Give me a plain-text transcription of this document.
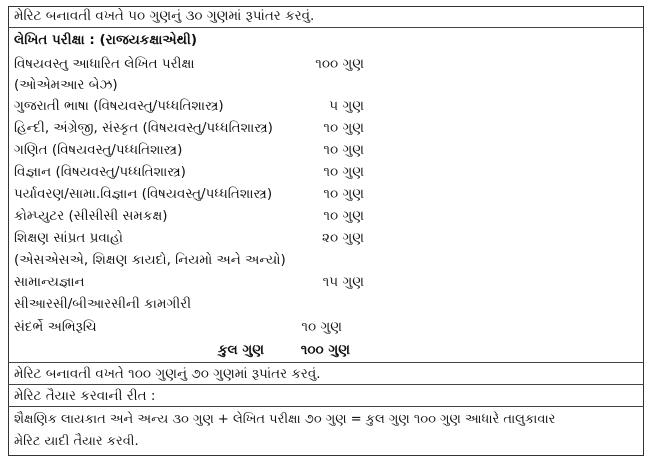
મેરિટ બનાવતી વખતે ૫૦ ગુણનું ૩૦ ગુણમાં રૂપાંતર કરવું.
લેખિત પરીક્ષા : (રાજયકક્ષાએથી)
વિષયવસ્તુ આધારિત લેખિત પરીક્ષા	૧૦૦ ગુણ
(ઓએમઆર બેઝ)
ગુજરાતી ભાષા (વિષયવસ્તુ/પધ્ધતિશાસ્ત્ર)	૫ ગુણ
હિન્દી, અંગ્રેજી, સંસ્કૃત (વિષયવસ્તુ/પધ્ધતિશાસ્ત્ર)	૧૦ ગુણ
ગણિત (વિષયવસ્તુ/પધ્ધતિશાસ્ત્ર)	૧૦ ગુણ
વિજ્ઞાન (વિષયવસ્તુ/પધ્ધતિશાસ્ત્ર)	૧૦ ગુણ
પર્યાવરણ/સામા.વિજ્ઞાન (વિષયવસ્તુ/પધ્ધતિશાસ્ત્ર)	૧૦ ગુણ
કોમ્પ્યુટર (સીસીસી સમકક્ષ)	૧૦ ગુણ
શિક્ષણ સાંપ્રત પ્રવાહો	૨૦ ગુણ
(એસએસએ, શિક્ષણ કાયદો, નિયમો અને અન્યો)
સામાન્યજ્ઞાન	૧૫ ગુણ
સીઆરસી/બીઆરસીની કામગીરી
સંદર્ભે અભિરૂચિ	૧૦ ગુણ
કુલ ગુણ	૧૦૦ ગુણ
મેરિટ બનાવતી વખતે ૧૦૦ ગુણનું ૭૦ ગુણમાં રૂપાંતર કરવું.
મેરિટ તૈયાર કરવાની રીત :
શૈક્ષણિક લાયકાત અને અન્ય ૩૦ ગુણ + લેખિત પરીક્ષા ૭૦ ગુણ = કુલ ગુણ ૧૦૦ ગુણ આધારે તાલુકાવાર
મેરિટ યાદી તૈયાર કરવી.
